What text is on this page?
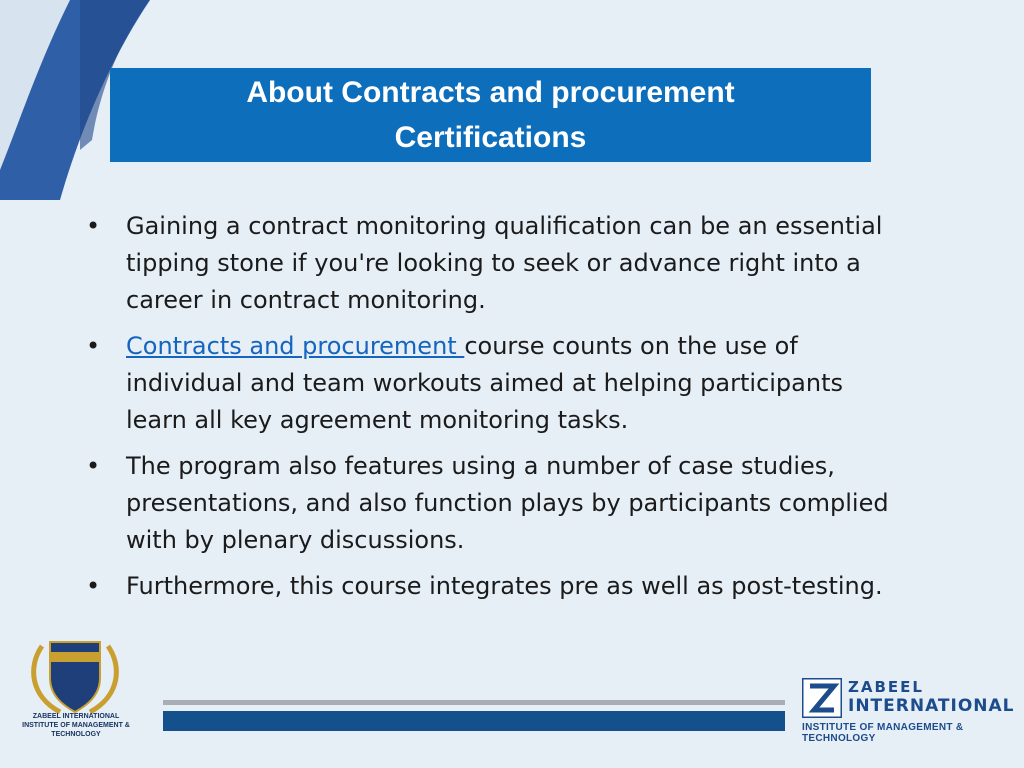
About Contracts and procurement
Certifications
• Gaining a contract monitoring qualification can be an essential tipping stone if you're looking to seek or advance right into a career in contract monitoring.
• Contracts and procurement course counts on the use of individual and team workouts aimed at helping participants learn all key agreement monitoring tasks.
• The program also features using a number of case studies, presentations, and also function plays by participants complied with by plenary discussions.
• Furthermore, this course integrates pre as well as post-testing.
ZABEEL INTERNATIONAL
INSTITUTE OF MANAGEMENT & TECHNOLOGY
ZABEEL
INTERNATIONAL
INSTITUTE OF MANAGEMENT & TECHNOLOGY
